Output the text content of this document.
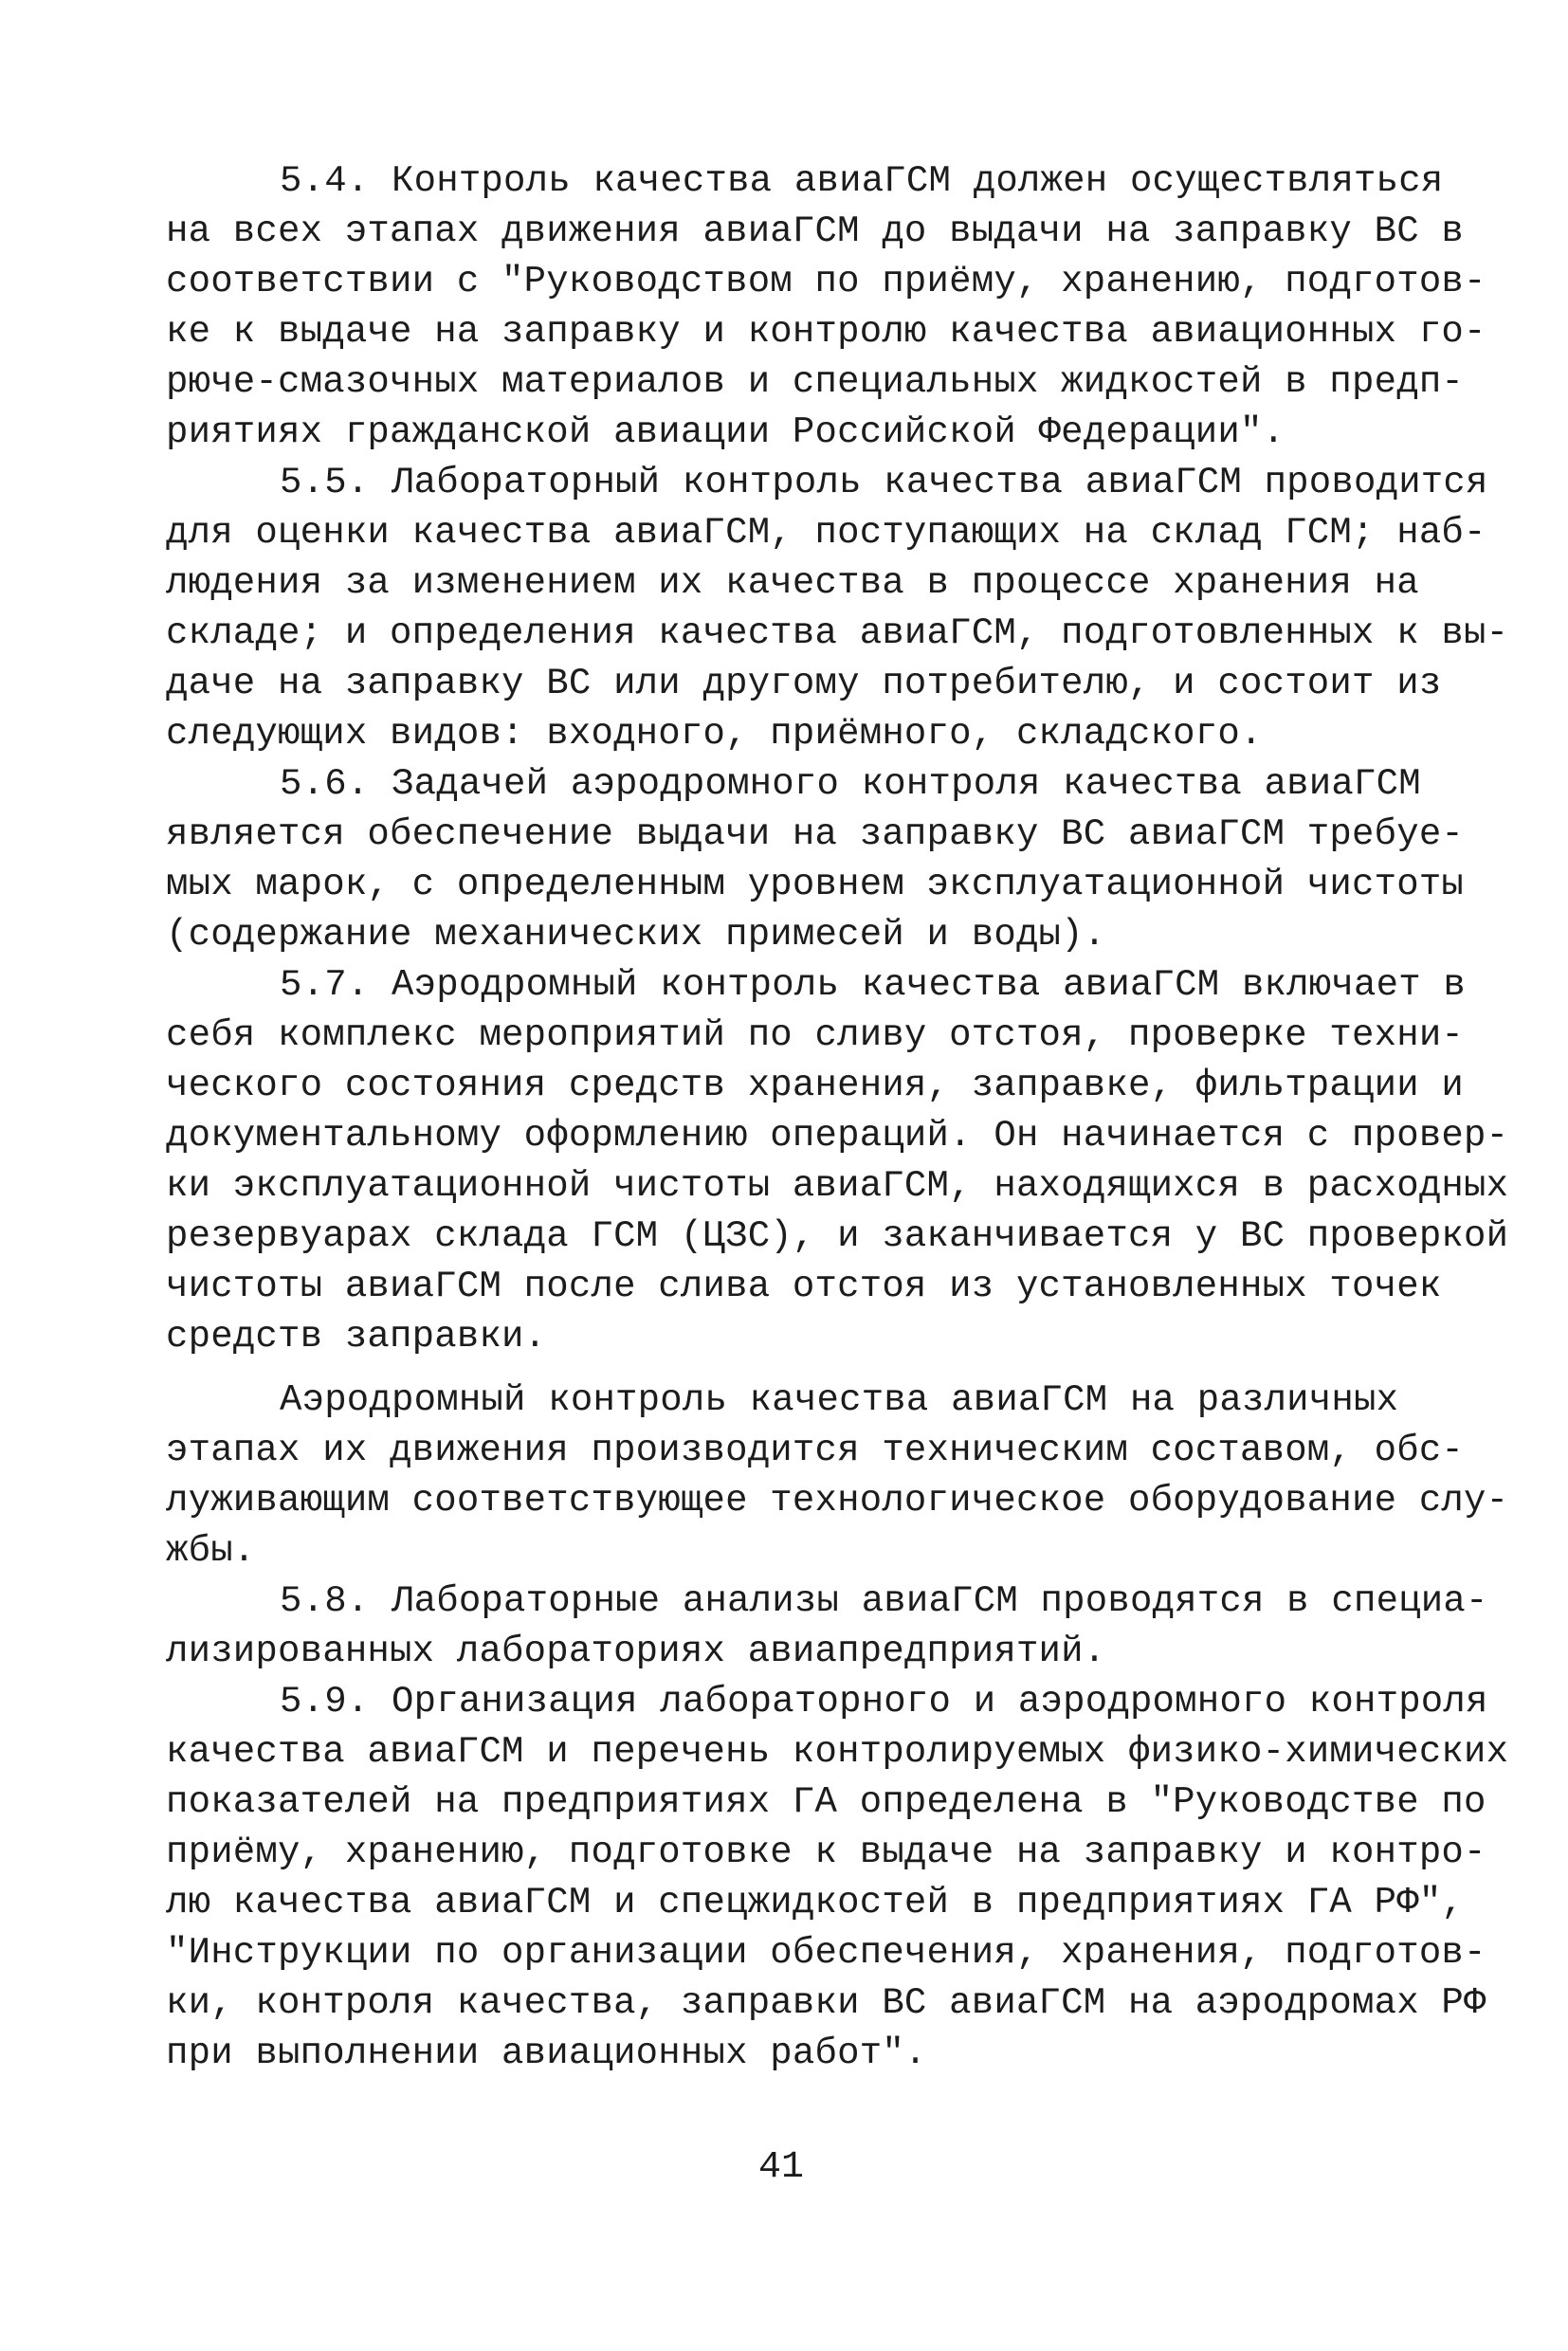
5.4. Контроль качества авиаГСМ должен осуществляться
на всех этапах движения авиаГСМ до выдачи на заправку ВС в
соответствии с "Руководством по приёму, хранению, подготов-
ке к выдаче на заправку и контролю качества авиационных го-
рюче-смазочных материалов и специальных жидкостей в предп-
риятиях гражданской авиации Российской Федерации".
5.5. Лабораторный контроль качества авиаГСМ проводится
для оценки качества авиаГСМ, поступающих на склад ГСМ; наб-
людения за изменением их качества в процессе хранения на
складе; и определения качества авиаГСМ, подготовленных к вы-
даче на заправку ВС или другому потребителю, и состоит из
следующих видов: входного, приёмного, складского.
5.6. Задачей аэродромного контроля качества авиаГСМ
является обеспечение выдачи на заправку ВС авиаГСМ требуе-
мых марок, с определенным уровнем эксплуатационной чистоты
(содержание механических примесей и воды).
5.7. Аэродромный контроль качества авиаГСМ включает в
себя комплекс мероприятий по сливу отстоя, проверке техни-
ческого состояния средств хранения, заправке, фильтрации и
документальному оформлению операций. Он начинается с провер-
ки эксплуатационной чистоты авиаГСМ, находящихся в расходных
резервуарах склада ГСМ (ЦЗС), и заканчивается у ВС проверкой
чистоты авиаГСМ после слива отстоя из установленных точек
средств заправки.
Аэродромный контроль качества авиаГСМ на различных
этапах их движения производится техническим составом, обс-
луживающим соответствующее технологическое оборудование слу-
жбы.
5.8. Лабораторные анализы авиаГСМ проводятся в специа-
лизированных лабораториях авиапредприятий.
5.9. Организация лабораторного и аэродромного контроля
качества авиаГСМ и перечень контролируемых физико-химических
показателей на предприятиях ГА определена в "Руководстве по
приёму, хранению, подготовке к выдаче на заправку и контро-
лю качества авиаГСМ и спецжидкостей в предприятиях ГА РФ",
"Инструкции по организации обеспечения, хранения, подготов-
ки, контроля качества, заправки ВС авиаГСМ на аэродромах РФ
при выполнении авиационных работ".
41
